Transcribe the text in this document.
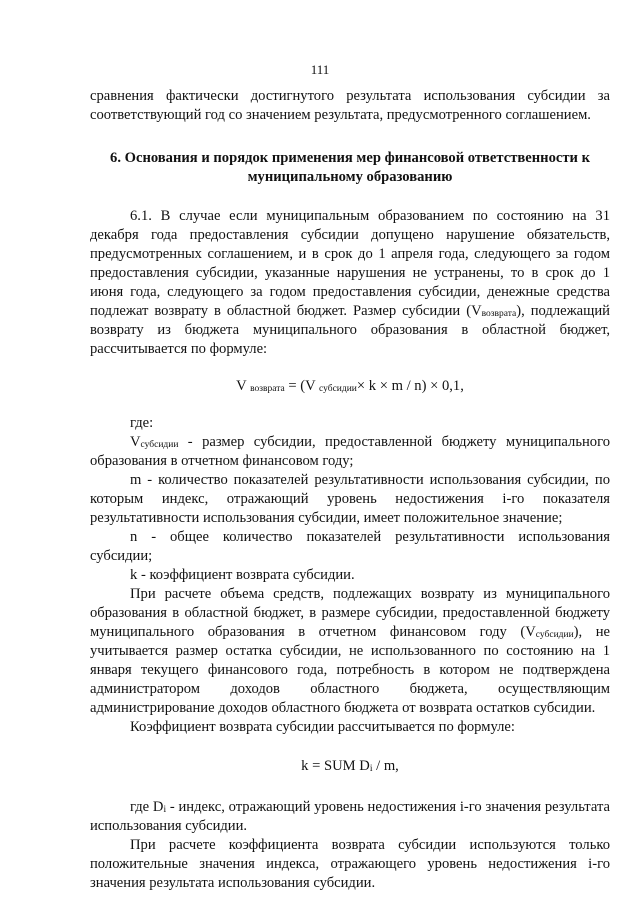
111

сравнения фактически достигнутого результата использования субсидии за соответствующий год со значением результата, предусмотренного соглашением.

6. Основания и порядок применения мер финансовой ответственности к муниципальному образованию

6.1. В случае если муниципальным образованием по состоянию на 31 декабря года предоставления субсидии допущено нарушение обязательств, предусмотренных соглашением, и в срок до 1 апреля года, следующего за годом предоставления субсидии, указанные нарушения не устранены, то в срок до 1 июня года, следующего за годом предоставления субсидии, денежные средства подлежат возврату в областной бюджет. Размер субсидии $(V_{возврата})$, подлежащий возврату из бюджета муниципального образования в областной бюджет, рассчитывается по формуле:

V $_{возврата}$ = (V $_{субсидии}$× k × m / n) × 0,1,

где:

$V_{субсидии}$ - размер субсидии, предоставленной бюджету муниципального образования в отчетном финансовом году;

m - количество показателей результативности использования субсидии, по которым индекс, отражающий уровень недостижения i-го показателя результативности использования субсидии, имеет положительное значение;

n - общее количество показателей результативности использования субсидии;

k - коэффициент возврата субсидии.

При расчете объема средств, подлежащих возврату из муниципального образования в областной бюджет, в размере субсидии, предоставленной бюджету муниципального образования в отчетном финансовом году $(V_{субсидии})$, не учитывается размер остатка субсидии, не использованного по состоянию на 1 января текущего финансового года, потребность в котором не подтверждена администратором доходов областного бюджета, осуществляющим администрирование доходов областного бюджета от возврата остатков субсидии.

Коэффициент возврата субсидии рассчитывается по формуле:

k = SUM $D_i$ / m,

где $D_i$ - индекс, отражающий уровень недостижения i-го значения результата использования субсидии.

При расчете коэффициента возврата субсидии используются только положительные значения индекса, отражающего уровень недостижения i-го значения результата использования субсидии.
